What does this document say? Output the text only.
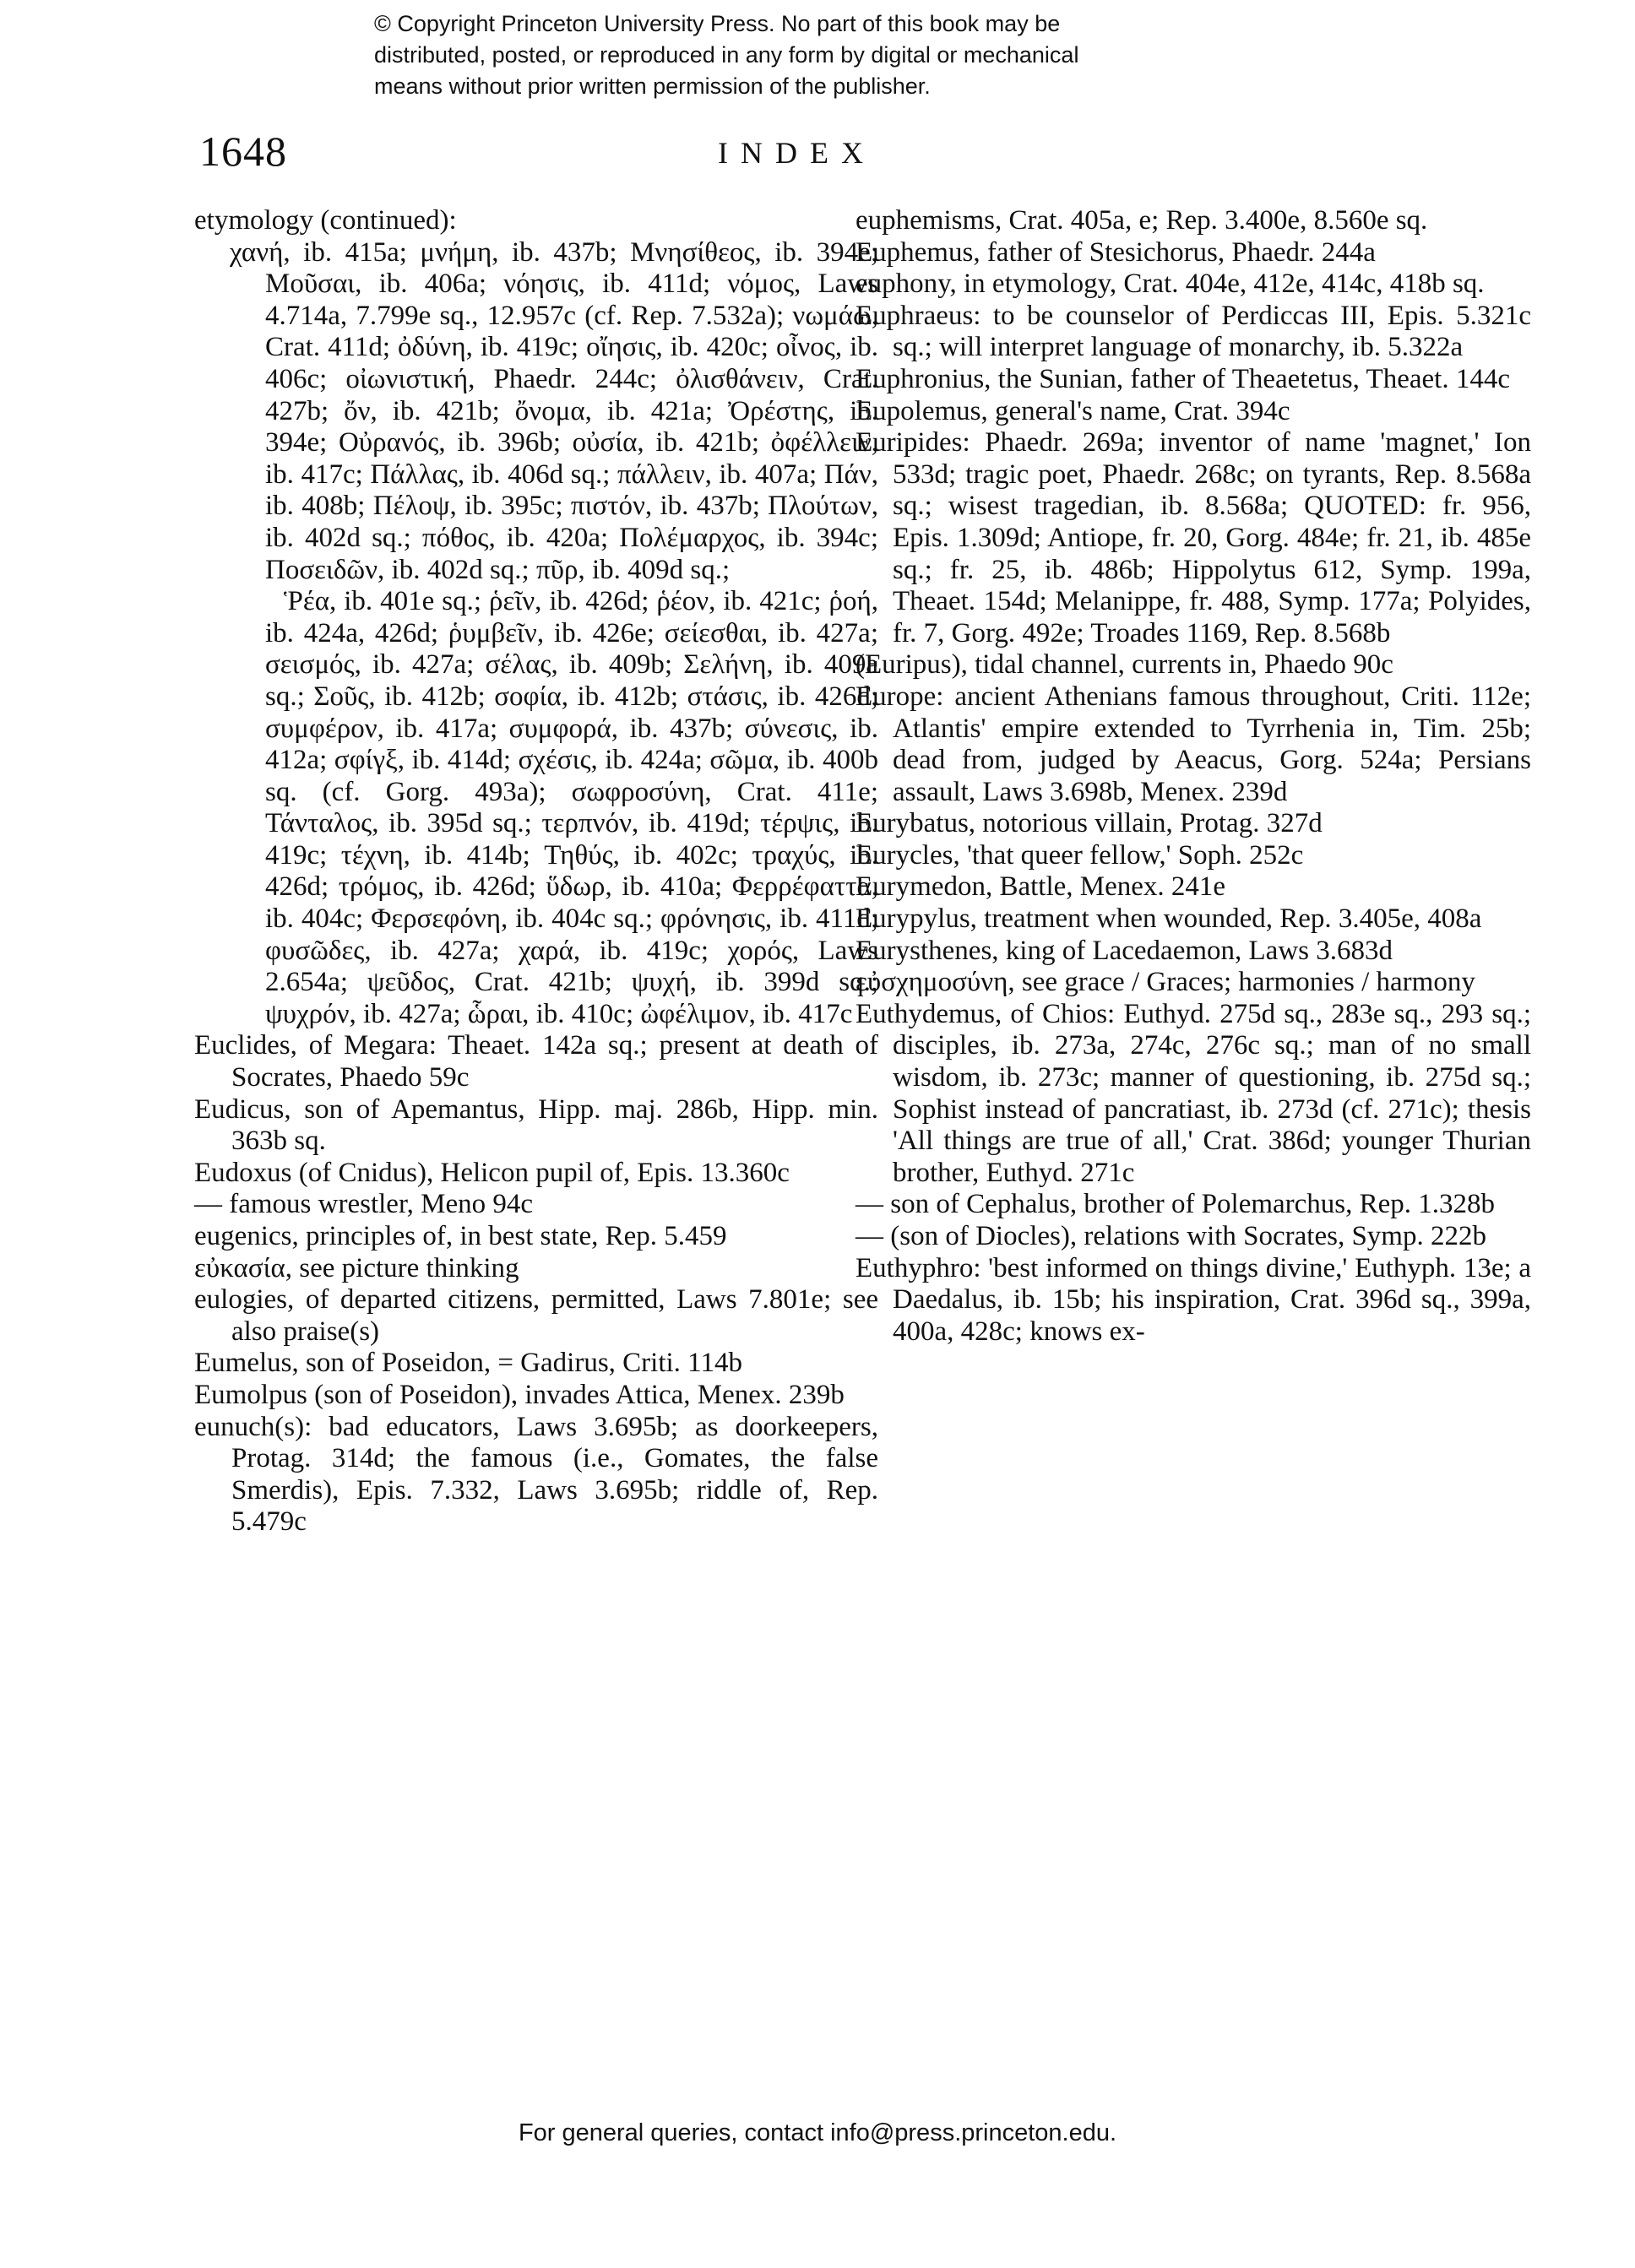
© Copyright Princeton University Press. No part of this book may be
distributed, posted, or reproduced in any form by digital or mechanical
means without prior written permission of the publisher.
1648	INDEX
etymology (continued):
χανή, ib. 415a; μνήμη, ib. 437b; Μνησίθεος, ib. 394e; Μοῦσαι, ib. 406a; νόησις, ib. 411d; νόμος, Laws 4.714a, 7.799e sq., 12.957c (cf. Rep. 7.532a); νωμάω, Crat. 411d; ὀδύνη, ib. 419c; οἴησις, ib. 420c; οἶνος, ib. 406c; οἰωνιστική, Phaedr. 244c; ὀλισθάνειν, Crat. 427b; ὄν, ib. 421b; ὄνομα, ib. 421a; Ὀρέστης, ib. 394e; Οὐρανός, ib. 396b; οὐσία, ib. 421b; ὀφέλλειν, ib. 417c; Πάλλας, ib. 406d sq.; πάλλειν, ib. 407a; Πάν, ib. 408b; Πέλοψ, ib. 395c; πιστόν, ib. 437b; Πλούτων, ib. 402d sq.; πόθος, ib. 420a; Πολέμαρχος, ib. 394c; Ποσειδῶν, ib. 402d sq.; πῦρ, ib. 409d sq.;
Ῥέα, ib. 401e sq.; ῥεῖν, ib. 426d; ῥέον, ib. 421c; ῥοή, ib. 424a, 426d; ῥυμβεῖν, ib. 426e; σείεσθαι, ib. 427a; σεισμός, ib. 427a; σέλας, ib. 409b; Σελήνη, ib. 409a sq.; Σοῦς, ib. 412b; σοφία, ib. 412b; στάσις, ib. 426d; συμφέρον, ib. 417a; συμφορά, ib. 437b; σύνεσις, ib. 412a; σφίγξ, ib. 414d; σχέσις, ib. 424a; σῶμα, ib. 400b sq. (cf. Gorg. 493a); σωφροσύνη, Crat. 411e; Τάνταλος, ib. 395d sq.; τερπνόν, ib. 419d; τέρψις, ib. 419c; τέχνη, ib. 414b; Τηθύς, ib. 402c; τραχύς, ib. 426d; τρόμος, ib. 426d; ὕδωρ, ib. 410a; Φερρέφαττα, ib. 404c; Φερσεφόνη, ib. 404c sq.; φρόνησις, ib. 411d; φυσῶδες, ib. 427a; χαρά, ib. 419c; χορός, Laws 2.654a; ψεῦδος, Crat. 421b; ψυχή, ib. 399d sq.; ψυχρόν, ib. 427a; ὧραι, ib. 410c; ὠφέλιμον, ib. 417c
Euclides, of Megara: Theaet. 142a sq.; present at death of Socrates, Phaedo 59c
Eudicus, son of Apemantus, Hipp. maj. 286b, Hipp. min. 363b sq.
Eudoxus (of Cnidus), Helicon pupil of, Epis. 13.360c
— famous wrestler, Meno 94c
eugenics, principles of, in best state, Rep. 5.459
εὐκασία, see picture thinking
eulogies, of departed citizens, permitted, Laws 7.801e; see also praise(s)
Eumelus, son of Poseidon, = Gadirus, Criti. 114b
Eumolpus (son of Poseidon), invades Attica, Menex. 239b
eunuch(s): bad educators, Laws 3.695b; as doorkeepers, Protag. 314d; the famous (i.e., Gomates, the false Smerdis), Epis. 7.332, Laws 3.695b; riddle of, Rep. 5.479c
euphemisms, Crat. 405a, e; Rep. 3.400e, 8.560e sq.
Euphemus, father of Stesichorus, Phaedr. 244a
euphony, in etymology, Crat. 404e, 412e, 414c, 418b sq.
Euphraeus: to be counselor of Perdiccas III, Epis. 5.321c sq.; will interpret language of monarchy, ib. 5.322a
Euphronius, the Sunian, father of Theaetetus, Theaet. 144c
Eupolemus, general's name, Crat. 394c
Euripides: Phaedr. 269a; inventor of name 'magnet,' Ion 533d; tragic poet, Phaedr. 268c; on tyrants, Rep. 8.568a sq.; wisest tragedian, ib. 8.568a; QUOTED: fr. 956, Epis. 1.309d; Antiope, fr. 20, Gorg. 484e; fr. 21, ib. 485e sq.; fr. 25, ib. 486b; Hippolytus 612, Symp. 199a, Theaet. 154d; Melanippe, fr. 488, Symp. 177a; Polyides, fr. 7, Gorg. 492e; Troades 1169, Rep. 8.568b
(Euripus), tidal channel, currents in, Phaedo 90c
Europe: ancient Athenians famous throughout, Criti. 112e; Atlantis' empire extended to Tyrrhenia in, Tim. 25b; dead from, judged by Aeacus, Gorg. 524a; Persians assault, Laws 3.698b, Menex. 239d
Eurybatus, notorious villain, Protag. 327d
Eurycles, 'that queer fellow,' Soph. 252c
Eurymedon, Battle, Menex. 241e
Eurypylus, treatment when wounded, Rep. 3.405e, 408a
Eurysthenes, king of Lacedaemon, Laws 3.683d
εὐσχημοσύνη, see grace / Graces; harmonies / harmony
Euthydemus, of Chios: Euthyd. 275d sq., 283e sq., 293 sq.; disciples, ib. 273a, 274c, 276c sq.; man of no small wisdom, ib. 273c; manner of questioning, ib. 275d sq.; Sophist instead of pancratiast, ib. 273d (cf. 271c); thesis 'All things are true of all,' Crat. 386d; younger Thurian brother, Euthyd. 271c
— son of Cephalus, brother of Polemarchus, Rep. 1.328b
— (son of Diocles), relations with Socrates, Symp. 222b
Euthyphro: 'best informed on things divine,' Euthyph. 13e; a Daedalus, ib. 15b; his inspiration, Crat. 396d sq., 399a, 400a, 428c; knows ex-
For general queries, contact info@press.princeton.edu.
